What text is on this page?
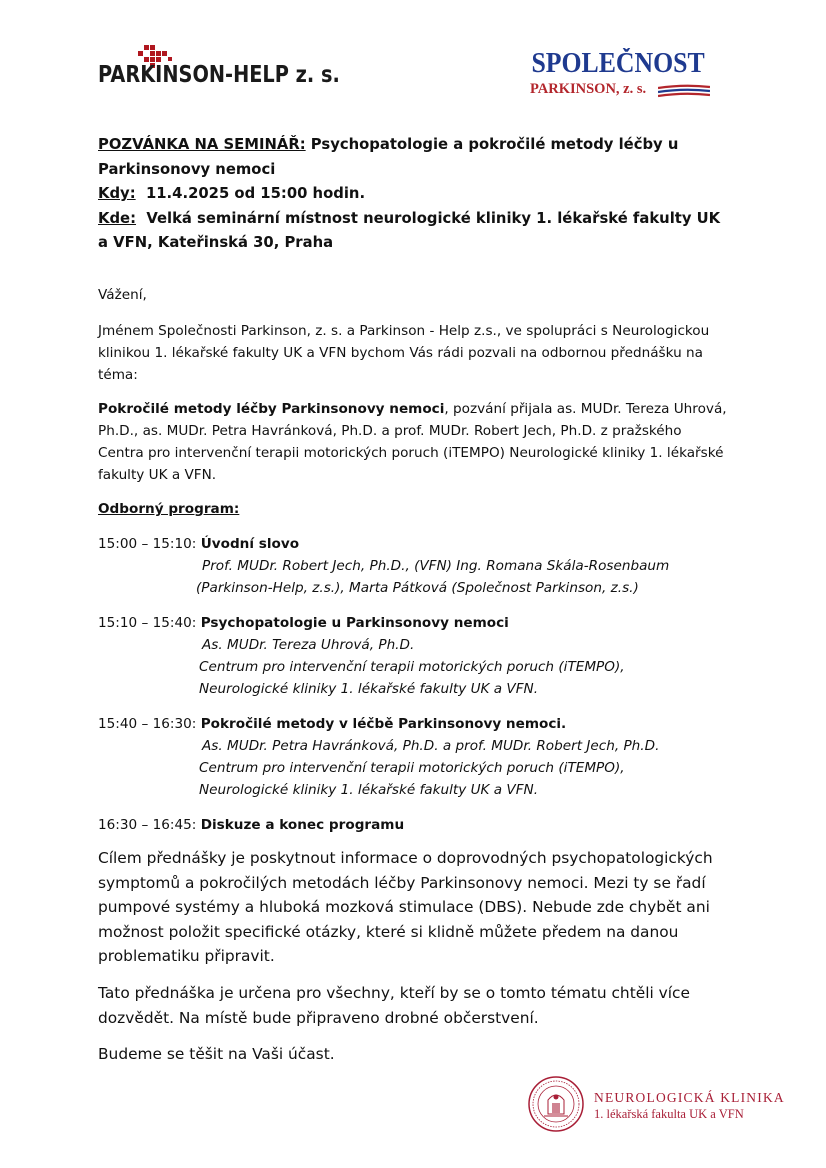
PARKINSON-HELP z. s.	SPOLEČNOST
PARKINSON, z. s.
POZVÁNKA NA SEMINÁŘ: Psychopatologie a pokročilé metody léčby u Parkinsonovy nemoci
Kdy: 11.4.2025 od 15:00 hodin.
Kde: Velká seminární místnost neurologické kliniky 1. lékařské fakulty UK a VFN, Kateřinská 30, Praha

Vážení,

Jménem Společnosti Parkinson, z. s. a Parkinson - Help z.s., ve spolupráci s Neurologickou klinikou 1. lékařské fakulty UK a VFN bychom Vás rádi pozvali na odbornou přednášku na téma:

Pokročilé metody léčby Parkinsonovy nemoci, pozvání přijala as. MUDr. Tereza Uhrová, Ph.D., as. MUDr. Petra Havránková, Ph.D. a prof. MUDr. Robert Jech, Ph.D. z pražského Centra pro intervenční terapii motorických poruch (iTEMPO) Neurologické kliniky 1. lékařské fakulty UK a VFN.

Odborný program:

15:00 – 15:10: Úvodní slovo
Prof. MUDr. Robert Jech, Ph.D., (VFN) Ing. Romana Skála-Rosenbaum
(Parkinson-Help, z.s.), Marta Pátková (Společnost Parkinson, z.s.)
15:10 – 15:40: Psychopatologie u Parkinsonovy nemoci
As. MUDr. Tereza Uhrová, Ph.D.
Centrum pro intervenční terapii motorických poruch (iTEMPO),
Neurologické kliniky 1. lékařské fakulty UK a VFN.
15:40 – 16:30: Pokročilé metody v léčbě Parkinsonovy nemoci.
As. MUDr. Petra Havránková, Ph.D. a prof. MUDr. Robert Jech, Ph.D.
Centrum pro intervenční terapii motorických poruch (iTEMPO),
Neurologické kliniky 1. lékařské fakulty UK a VFN.
16:30 – 16:45: Diskuze a konec programu

Cílem přednášky je poskytnout informace o doprovodných psychopatologických symptomů a pokročilých metodách léčby Parkinsonovy nemoci. Mezi ty se řadí pumpové systémy a hluboká mozková stimulace (DBS). Nebude zde chybět ani možnost položit specifické otázky, které si klidně můžete předem na danou problematiku připravit.

Tato přednáška je určena pro všechny, kteří by se o tomto tématu chtěli více dozvědět. Na místě bude připraveno drobné občerstvení.

Budeme se těšit na Vaši účast.

NEUROLOGICKÁ KLINIKA
1. lékařská fakulta UK a VFN
